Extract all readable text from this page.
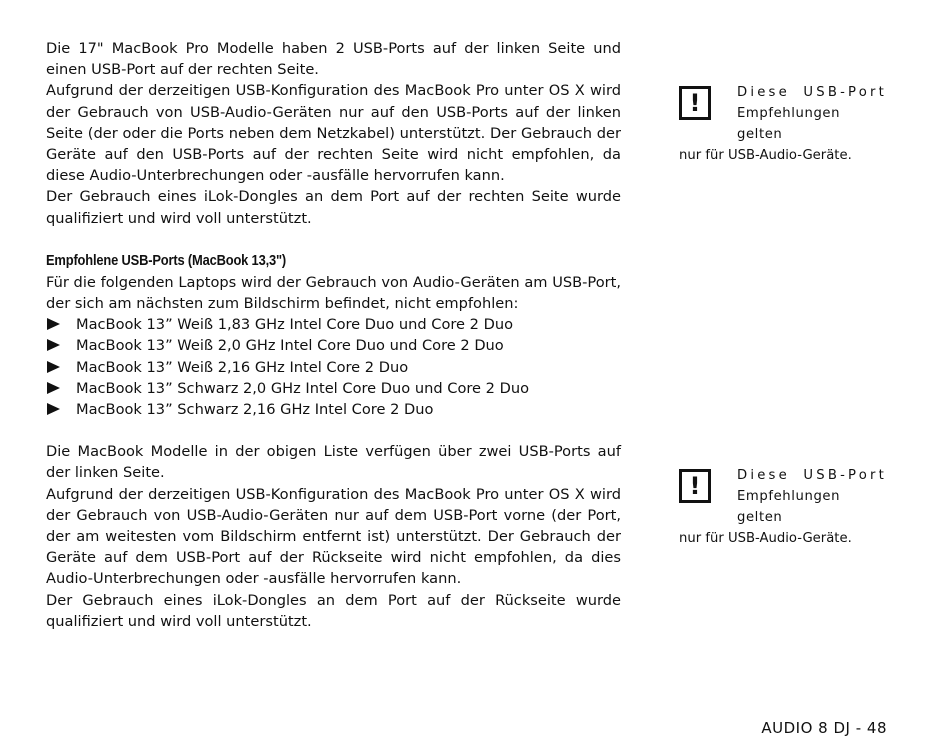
Die 17" MacBook Pro Modelle haben 2 USB-Ports auf der linken Seite und einen USB-Port auf der rechten Seite.

Aufgrund der derzeitigen USB-Konfiguration des MacBook Pro unter OS X wird der Gebrauch von USB-Audio-Geräten nur auf den USB-Ports auf der linken Seite (der oder die Ports neben dem Netzkabel) unterstützt. Der Gebrauch der Geräte auf den USB-Ports auf der rechten Seite wird nicht empfohlen, da diese Audio-Unterbrechungen oder -ausfälle hervorrufen kann.

Der Gebrauch eines iLok-Dongles an dem Port auf der rechten Seite wurde qualifiziert und wird voll unterstützt.

Empfohlene USB-Ports (MacBook 13,3")

Für die folgenden Laptops wird der Gebrauch von Audio-Geräten am USB-Port, der sich am nächsten zum Bildschirm befindet, nicht empfohlen:

MacBook 13” Weiß 1,83 GHz Intel Core Duo und Core 2 Duo
MacBook 13” Weiß 2,0 GHz Intel Core Duo und Core 2 Duo
MacBook 13” Weiß 2,16 GHz Intel Core 2 Duo
MacBook 13” Schwarz 2,0 GHz Intel Core Duo und Core 2 Duo
MacBook 13” Schwarz 2,16 GHz Intel Core 2 Duo

Die MacBook Modelle in der obigen Liste verfügen über zwei USB-Ports auf der linken Seite.

Aufgrund der derzeitigen USB-Konfiguration des MacBook Pro unter OS X wird der Gebrauch von USB-Audio-Geräten nur auf dem USB-Port vorne (der Port, der am weitesten vom Bildschirm entfernt ist) unterstützt. Der Gebrauch der Geräte auf dem USB-Port auf der Rückseite wird nicht empfohlen, da dies Audio-Unterbrechungen oder -ausfälle hervorrufen kann.

Der Gebrauch eines iLok-Dongles an dem Port auf der Rückseite wurde qualifiziert und wird voll unterstützt.

!	Diese USB-Port
Empfehlungen gelten
nur für USB-Audio-Geräte.
!	Diese USB-Port
Empfehlungen gelten
nur für USB-Audio-Geräte.
AUDIO 8 DJ - 48
